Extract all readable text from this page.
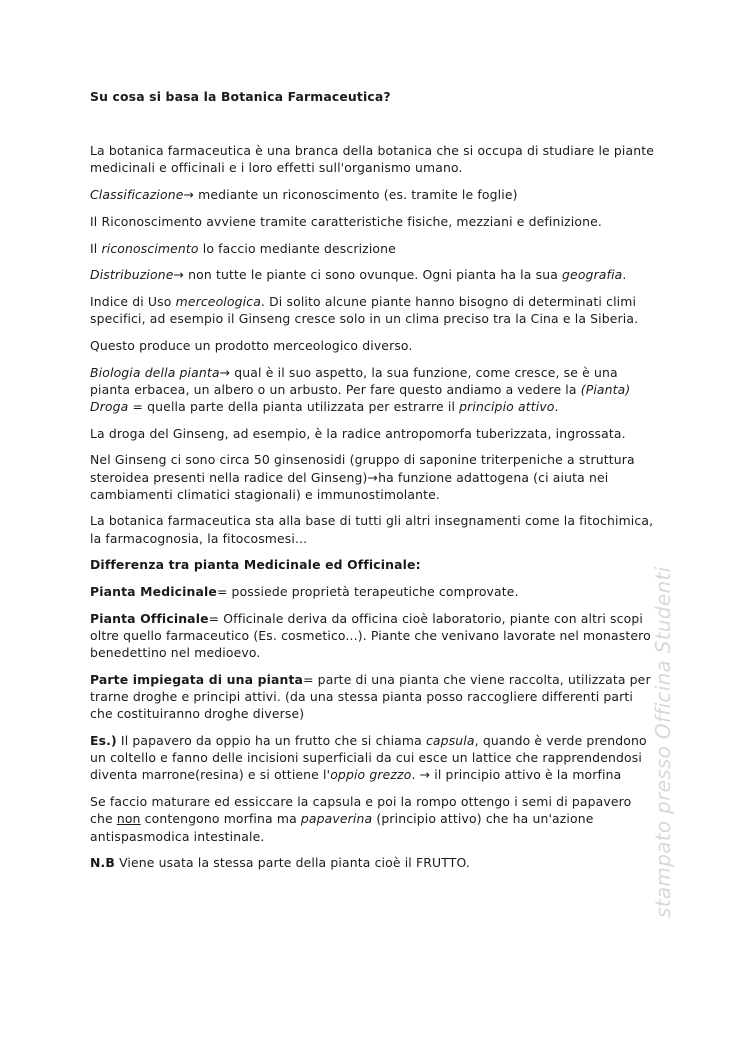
Su cosa si basa la Botanica Farmaceutica?

La botanica farmaceutica è una branca della botanica che si occupa di studiare le piante medicinali e officinali e i loro effetti sull'organismo umano.

Classificazione→ mediante un riconoscimento (es. tramite le foglie)

Il Riconoscimento avviene tramite caratteristiche fisiche, mezziani e definizione.

Il riconoscimento lo faccio mediante descrizione

Distribuzione→ non tutte le piante ci sono ovunque. Ogni pianta ha la sua geografia.

Indice di Uso merceologica. Di solito alcune piante hanno bisogno di determinati climi specifici, ad esempio il Ginseng cresce solo in un clima preciso tra la Cina e la Siberia.

Questo produce un prodotto merceologico diverso.

Biologia della pianta→ qual è il suo aspetto, la sua funzione, come cresce, se è una pianta erbacea, un albero o un arbusto. Per fare questo andiamo a vedere la (Pianta) Droga = quella parte della pianta utilizzata per estrarre il principio attivo.

La droga del Ginseng, ad esempio, è la radice antropomorfa tuberizzata, ingrossata.

Nel Ginseng ci sono circa 50 ginsenosidi (gruppo di saponine triterpeniche a struttura steroidea presenti nella radice del Ginseng)→ha funzione adattogena (ci aiuta nei cambiamenti climatici stagionali) e immunostimolante.

La botanica farmaceutica sta alla base di tutti gli altri insegnamenti come la fitochimica, la farmacognosia, la fitocosmesi...

Differenza tra pianta Medicinale ed Officinale:

Pianta Medicinale= possiede proprietà terapeutiche comprovate.

Pianta Officinale= Officinale deriva da officina cioè laboratorio, piante con altri scopi oltre quello farmaceutico (Es. cosmetico...). Piante che venivano lavorate nel monastero benedettino nel medioevo.

Parte impiegata di una pianta= parte di una pianta che viene raccolta, utilizzata per trarne droghe e principi attivi. (da una stessa pianta posso raccogliere differenti parti che costituiranno droghe diverse)

Es.) Il papavero da oppio ha un frutto che si chiama capsula, quando è verde prendono un coltello e fanno delle incisioni superficiali da cui esce un lattice che rapprendendosi diventa marrone(resina) e si ottiene l'oppio grezzo. → il principio attivo è la morfina

Se faccio maturare ed essiccare la capsula e poi la rompo ottengo i semi di papavero che non contengono morfina ma papaverina (principio attivo) che ha un'azione antispasmodica intestinale.

N.B Viene usata la stessa parte della pianta cioè il FRUTTO.	stampato presso Officina Studenti
